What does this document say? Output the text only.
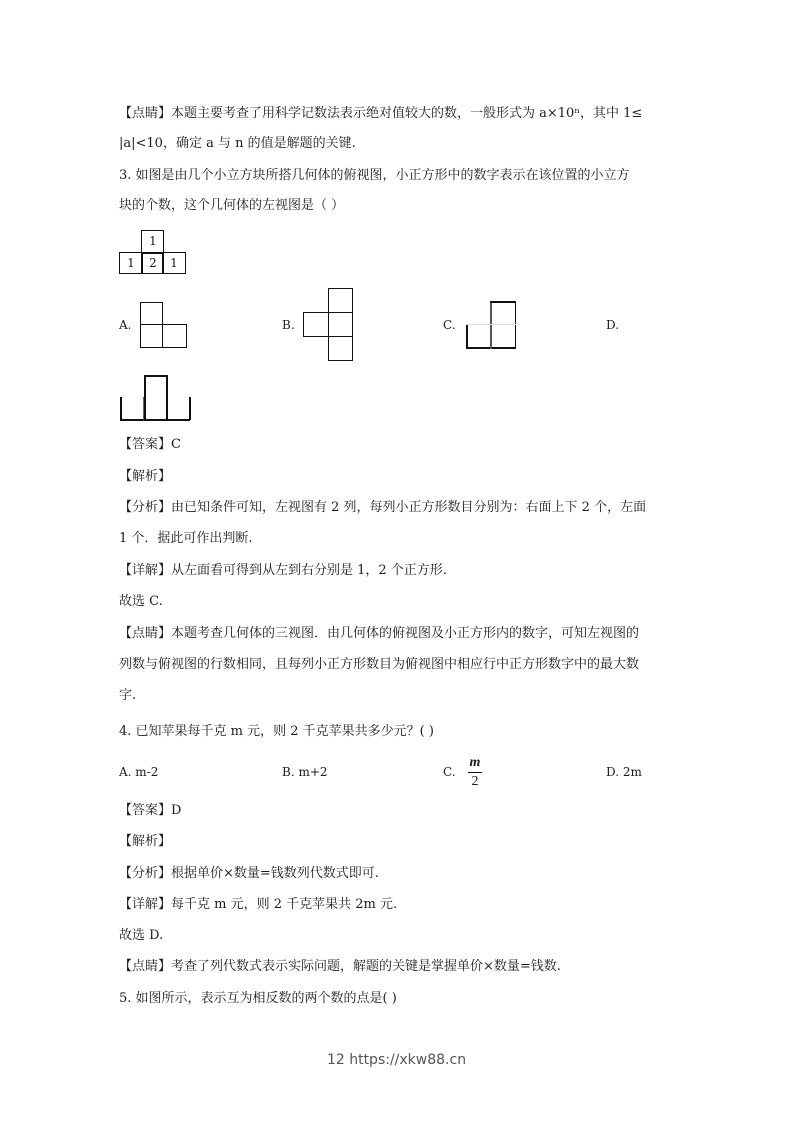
【点睛】本题主要考查了用科学记数法表示绝对值较大的数，一般形式为 a×10ⁿ，其中 1≤
|a|<10，确定 a 与 n 的值是解题的关键.
3. 如图是由几个小立方块所搭几何体的俯视图，小正方形中的数字表示在该位置的小立方
块的个数，这个几何体的左视图是（ ）
1
1	2	1
A.	B.	C.	D.
【答案】C
【解析】
【分析】由已知条件可知，左视图有 2 列，每列小正方形数目分别为：右面上下 2 个，左面
1 个．据此可作出判断.
【详解】从左面看可得到从左到右分别是 1，2 个正方形.
故选 C.
【点睛】本题考查几何体的三视图．由几何体的俯视图及小正方形内的数字，可知左视图的
列数与俯视图的行数相同，且每列小正方形数目为俯视图中相应行中正方形数字中的最大数
字.
4. 已知苹果每千克 m 元，则 2 千克苹果共多少元？( )
A. m-2	B. m+2	C.
m
2
D. 2m
【答案】D
【解析】
【分析】根据单价×数量=钱数列代数式即可.
【详解】每千克 m 元，则 2 千克苹果共 2m 元.
故选 D.
【点睛】考查了列代数式表示实际问题，解题的关键是掌握单价×数量=钱数.
5. 如图所示，表示互为相反数的两个数的点是( )
12 https://xkw88.cn
